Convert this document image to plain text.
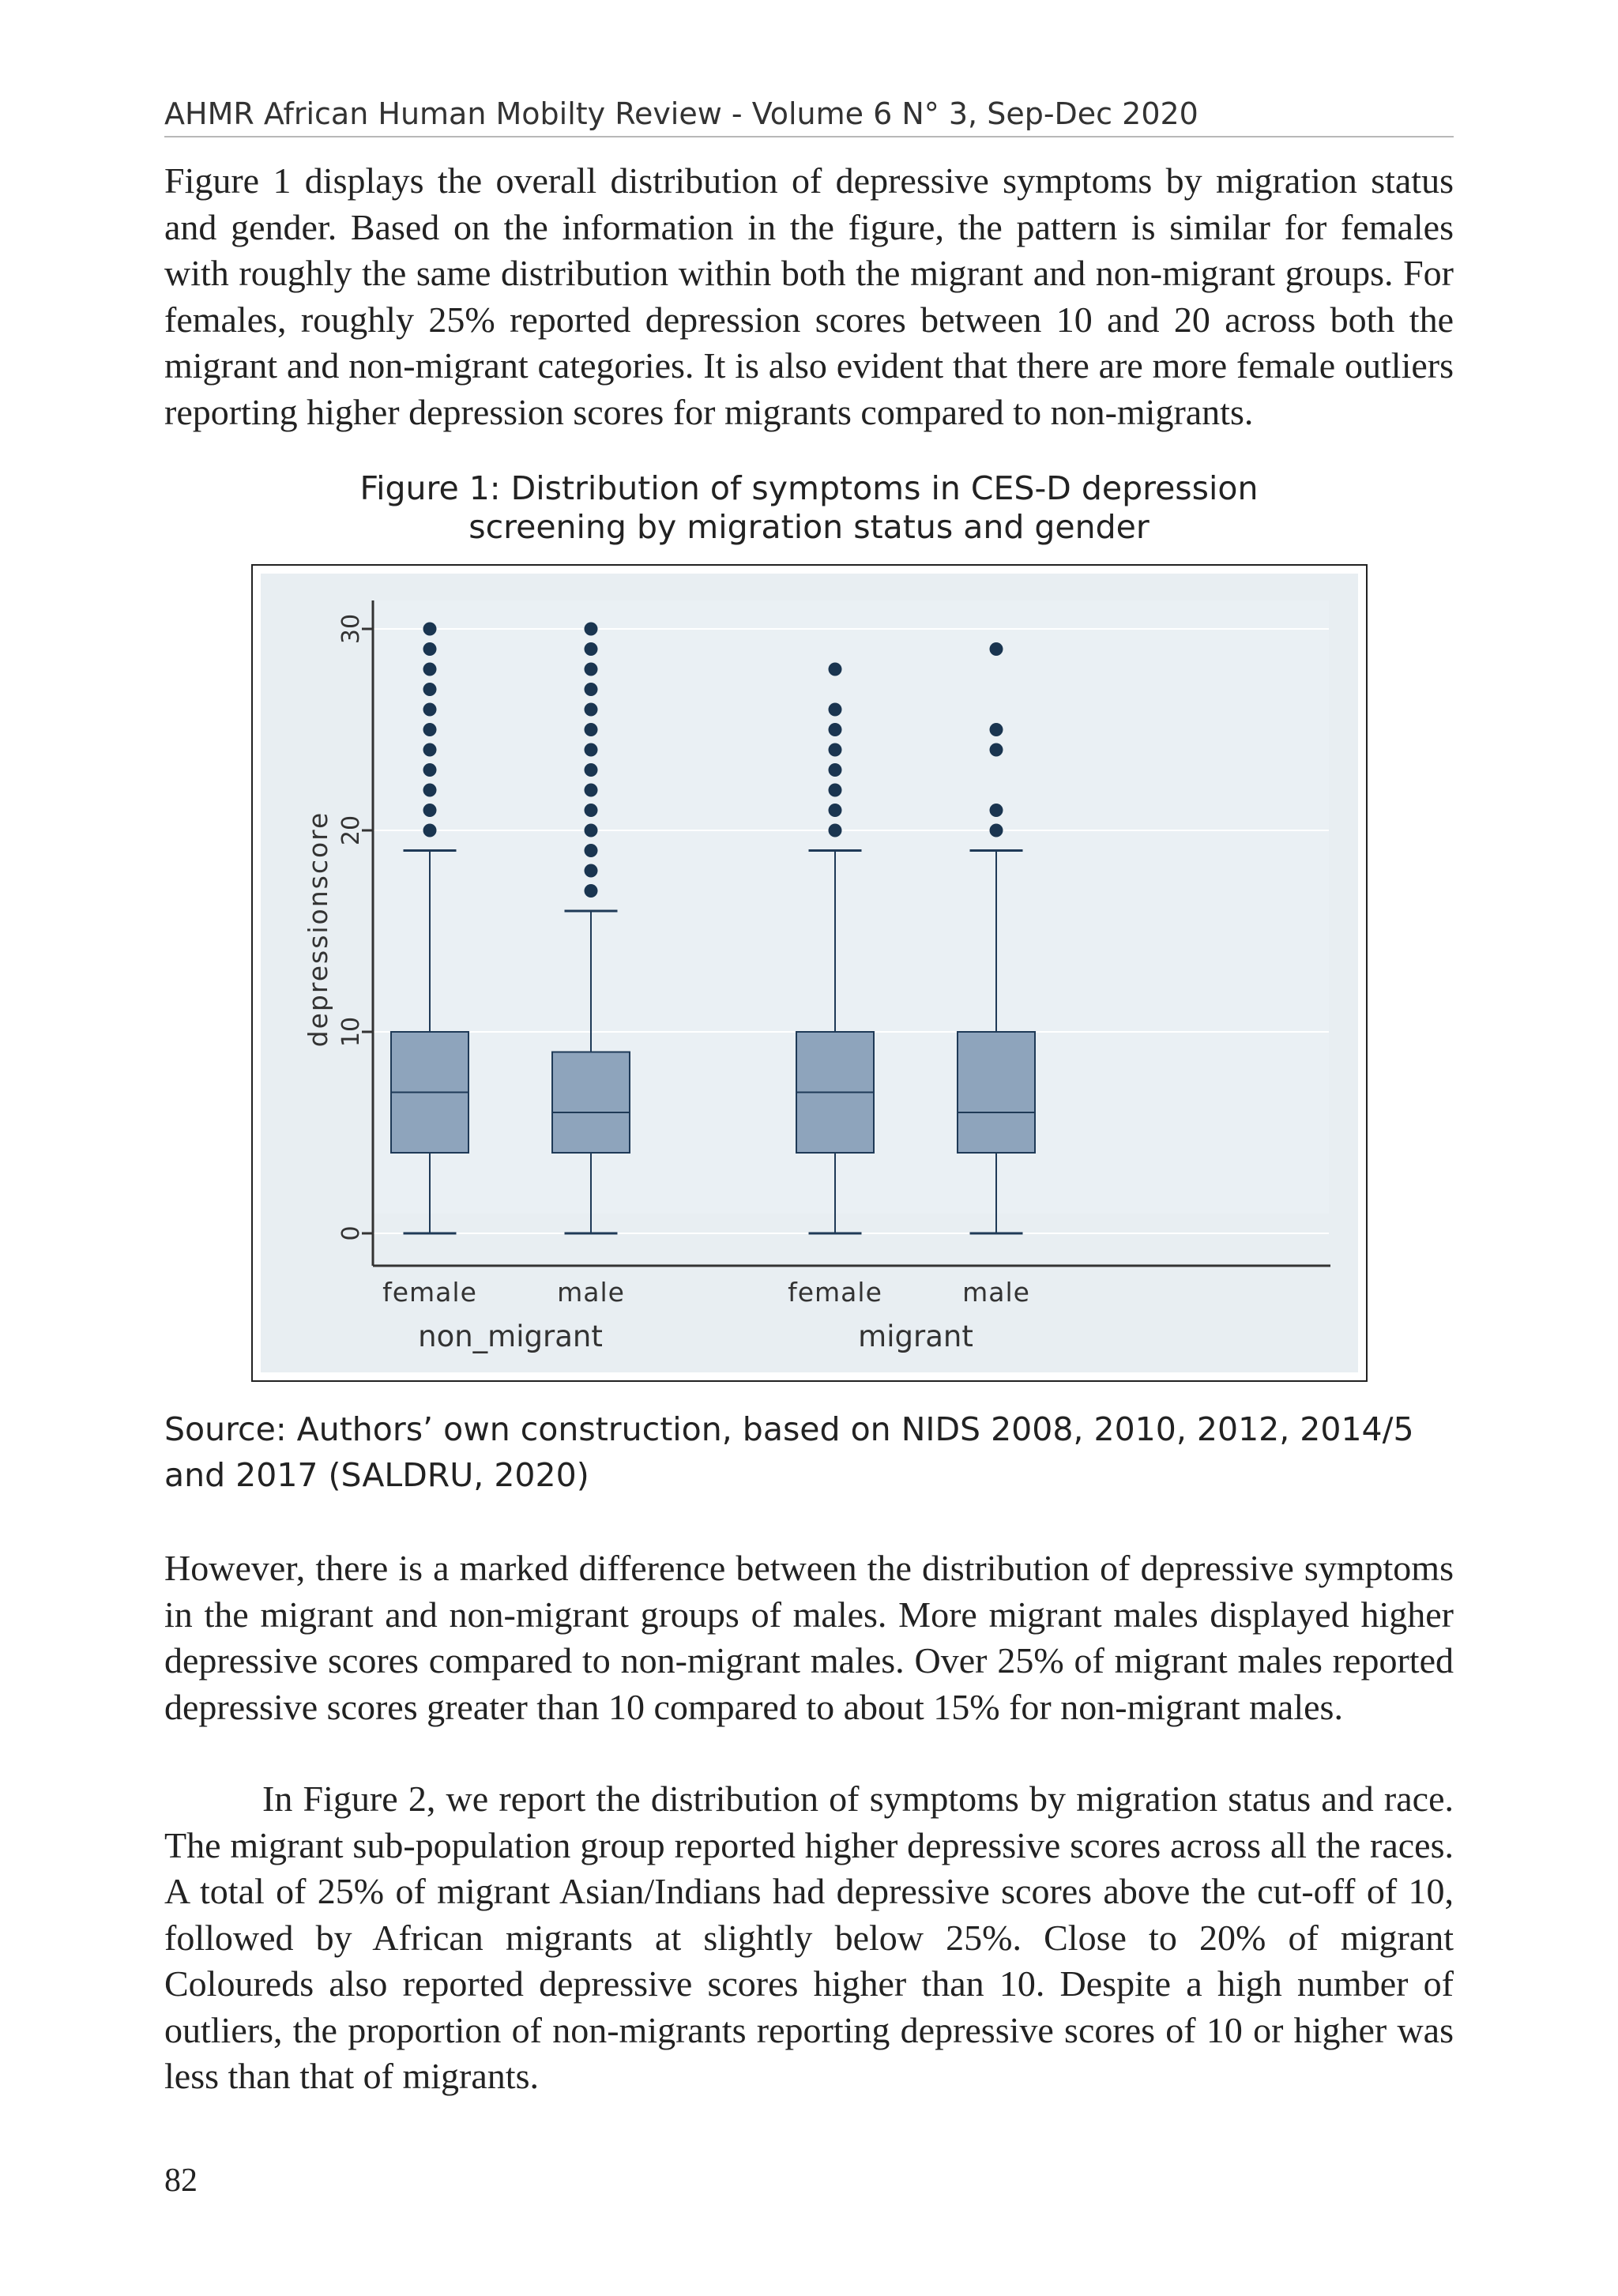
AHMR African Human Mobilty Review - Volume 6 N° 3, Sep-Dec 2020

Figure 1 displays the overall distribution of depressive symptoms by migration status and gender. Based on the information in the figure, the pattern is similar for females with roughly the same distribution within both the migrant and non-migrant groups. For females, roughly 25% reported depression scores between 10 and 20 across both the migrant and non-migrant categories. It is also evident that there are more female outliers reporting higher depression scores for migrants compared to non-migrants.

Figure 1: Distribution of symptoms in CES-D depression
screening by migration status and gender
female	male	female	male
non_migrant	migrant
depressionscore
0
10
20
30
Source: Authors’ own construction, based on NIDS 2008, 2010, 2012, 2014/5 and 2017 (SALDRU, 2020)

However, there is a marked difference between the distribution of depressive symptoms in the migrant and non-migrant groups of males. More migrant males displayed higher depressive scores compared to non-migrant males. Over 25% of migrant males reported depressive scores greater than 10 compared to about 15% for non-migrant males.

In Figure 2, we report the distribution of symptoms by migration status and race. The migrant sub-population group reported higher depressive scores across all the races. A total of 25% of migrant Asian/Indians had depressive scores above the cut-off of 10, followed by African migrants at slightly below 25%. Close to 20% of migrant Coloureds also reported depressive scores higher than 10. Despite a high number of outliers, the proportion of non-migrants reporting depressive scores of 10 or higher was less than that of migrants.

82
